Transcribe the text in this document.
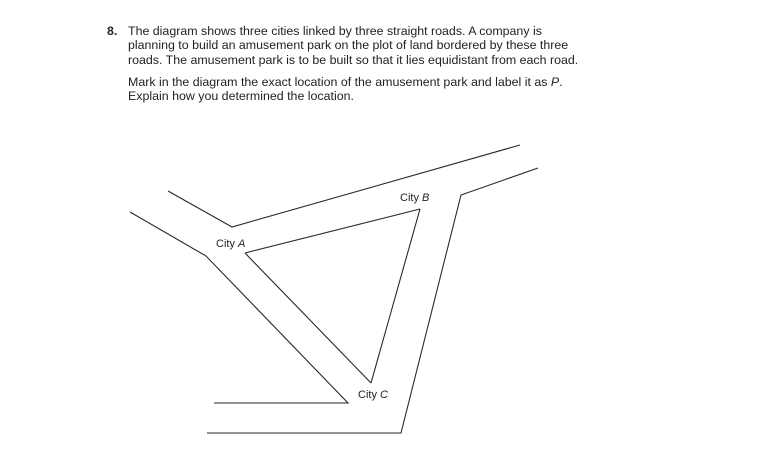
8. The diagram shows three cities linked by three straight roads. A company is planning to build an amusement park on the plot of land bordered by these three roads. The amusement park is to be built so that it lies equidistant from each road.

Mark in the diagram the exact location of the amusement park and label it as P. Explain how you determined the location.

City A
City B
City C
